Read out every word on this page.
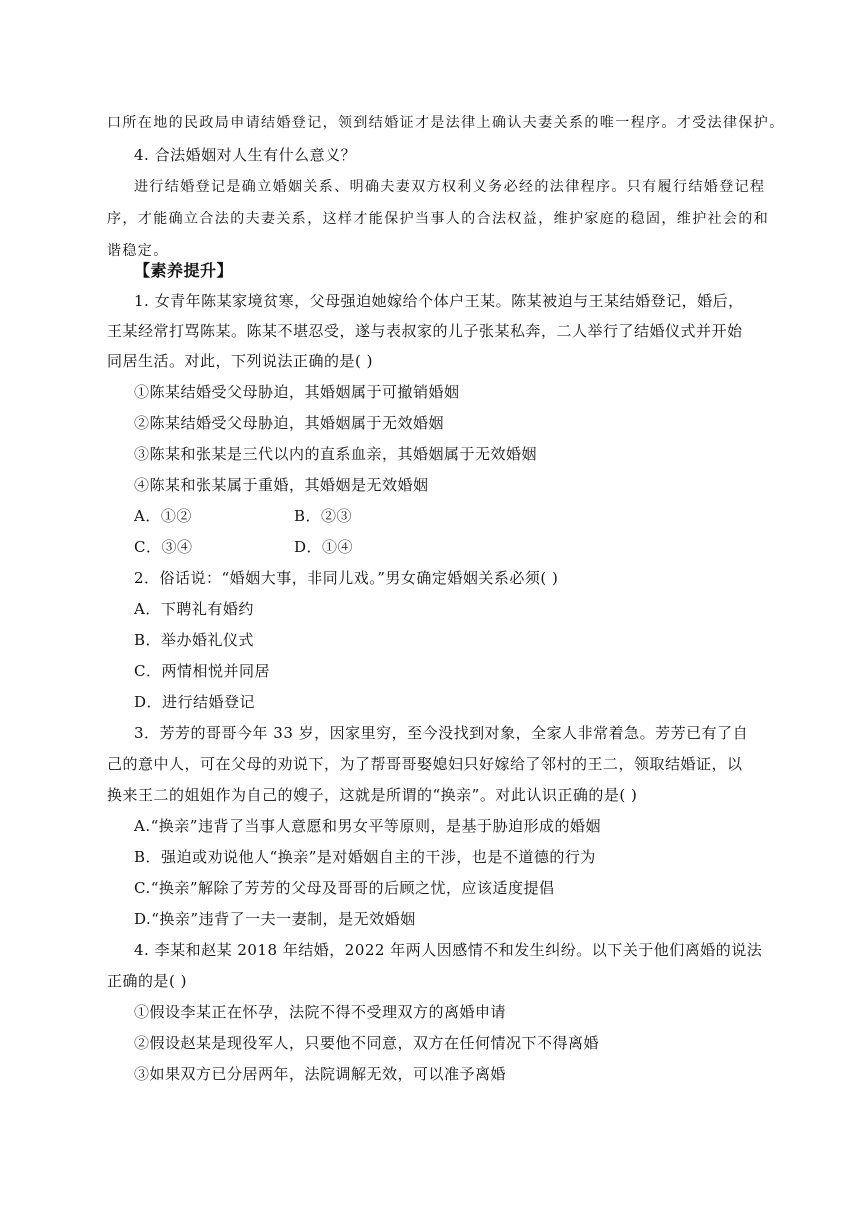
口所在地的民政局申请结婚登记，领到结婚证才是法律上确认夫妻关系的唯一程序。才受法律保护。
4. 合法婚姻对人生有什么意义？
进行结婚登记是确立婚姻关系、明确夫妻双方权利义务必经的法律程序。只有履行结婚登记程
序，才能确立合法的夫妻关系，这样才能保护当事人的合法权益，维护家庭的稳固，维护社会的和
谐稳定。
【素养提升】
1. 女青年陈某家境贫寒，父母强迫她嫁给个体户王某。陈某被迫与王某结婚登记，婚后，
王某经常打骂陈某。陈某不堪忍受，遂与表叔家的儿子张某私奔，二人举行了结婚仪式并开始
同居生活。对此，下列说法正确的是( )
①陈某结婚受父母胁迫，其婚姻属于可撤销婚姻
②陈某结婚受父母胁迫，其婚姻属于无效婚姻
③陈某和张某是三代以内的直系血亲，其婚姻属于无效婚姻
④陈某和张某属于重婚，其婚姻是无效婚姻
A．①②	B．②③
C．③④	D．①④
2．俗话说：“婚姻大事，非同儿戏。”男女确定婚姻关系必须( )
A．下聘礼有婚约
B．举办婚礼仪式
C．两情相悦并同居
D．进行结婚登记
3．芳芳的哥哥今年 33 岁，因家里穷，至今没找到对象，全家人非常着急。芳芳已有了自
己的意中人，可在父母的劝说下，为了帮哥哥娶媳妇只好嫁给了邻村的王二，领取结婚证，以
换来王二的姐姐作为自己的嫂子，这就是所谓的“换亲”。对此认识正确的是( )
A.“换亲”违背了当事人意愿和男女平等原则，是基于胁迫形成的婚姻
B．强迫或劝说他人“换亲”是对婚姻自主的干涉，也是不道德的行为
C.“换亲”解除了芳芳的父母及哥哥的后顾之忧，应该适度提倡
D.“换亲”违背了一夫一妻制，是无效婚姻
4. 李某和赵某 2018 年结婚，2022 年两人因感情不和发生纠纷。以下关于他们离婚的说法
正确的是( )
①假设李某正在怀孕，法院不得不受理双方的离婚申请
②假设赵某是现役军人，只要他不同意，双方在任何情况下不得离婚
③如果双方已分居两年，法院调解无效，可以准予离婚
